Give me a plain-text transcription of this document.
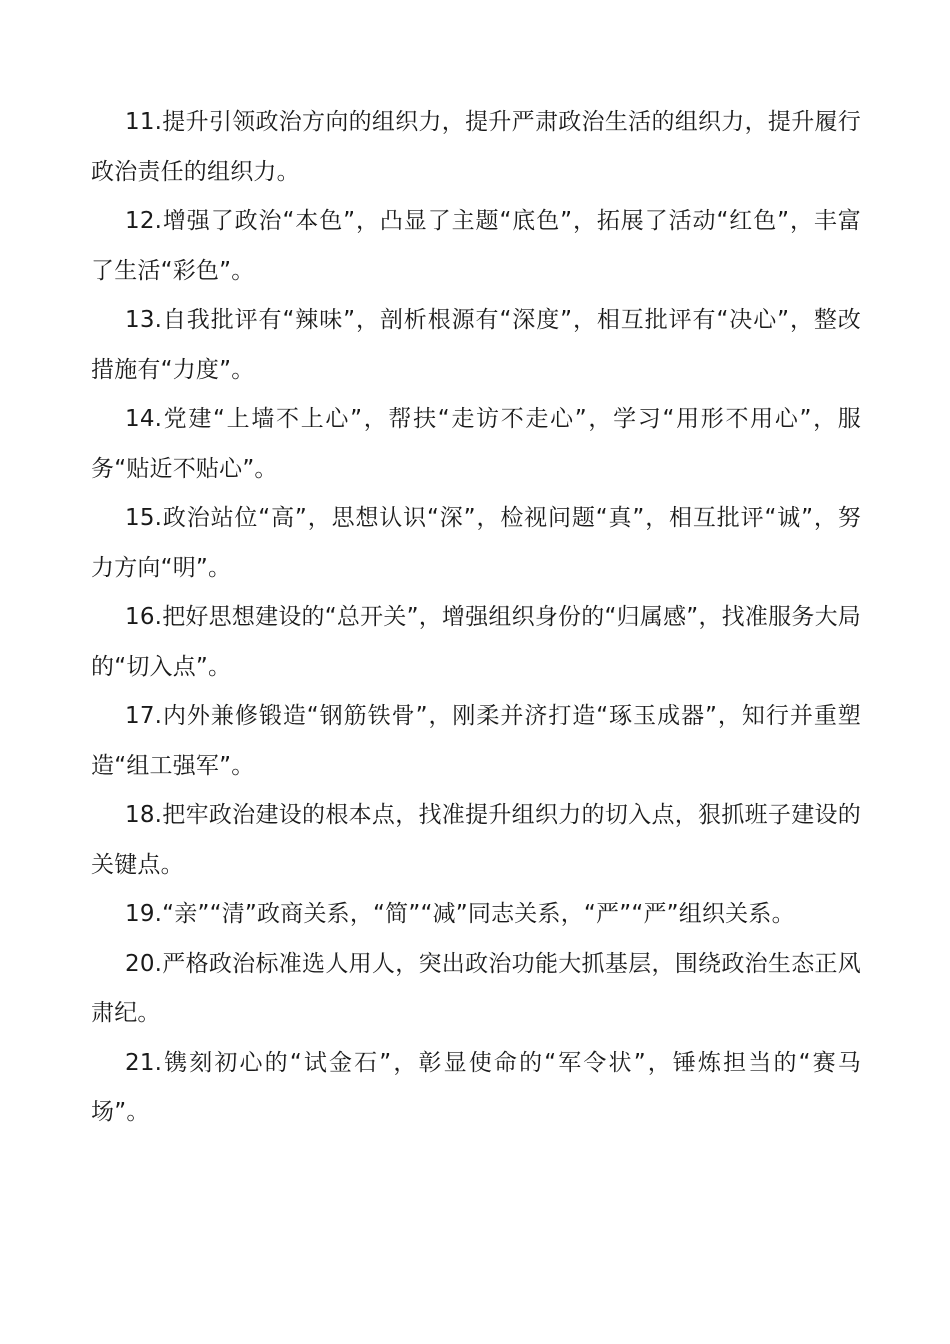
11.提升引领政治方向的组织力，提升严肃政治生活的组织力，提升履行政治责任的组织力。

12.增强了政治“本色”，凸显了主题“底色”，拓展了活动“红色”，丰富了生活“彩色”。

13.自我批评有“辣味”，剖析根源有“深度”，相互批评有“决心”，整改措施有“力度”。

14.党建“上墙不上心”，帮扶“走访不走心”，学习“用形不用心”，服务“贴近不贴心”。

15.政治站位“高”，思想认识“深”，检视问题“真”，相互批评“诚”，努力方向“明”。

16.把好思想建设的“总开关”，增强组织身份的“归属感”，找准服务大局的“切入点”。

17.内外兼修锻造“钢筋铁骨”，刚柔并济打造“琢玉成器”，知行并重塑造“组工强军”。

18.把牢政治建设的根本点，找准提升组织力的切入点，狠抓班子建设的关键点。

19.“亲”“清”政商关系，“简”“减”同志关系，“严”“严”组织关系。

20.严格政治标准选人用人，突出政治功能大抓基层，围绕政治生态正风肃纪。

21.镌刻初心的“试金石”，彰显使命的“军令状”，锤炼担当的“赛马场”。
